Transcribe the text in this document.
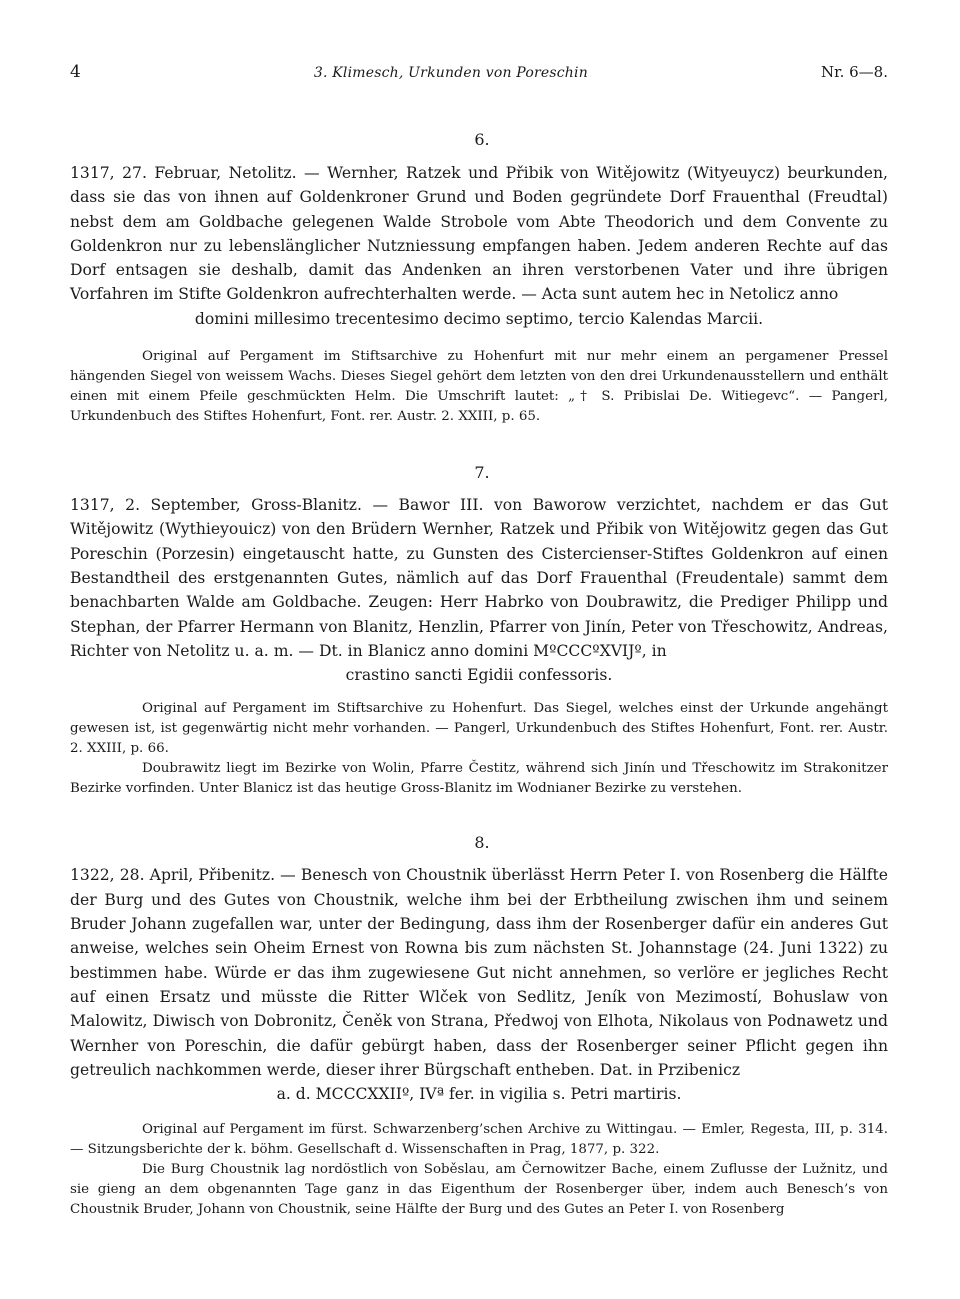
4	3. Klimesch, Urkunden von Poreschin	Nr. 6—8.
6.

1317, 27. Februar, Netolitz. — Wernher, Ratzek und Přibik von Witějowitz (Wityeuycz) beurkunden, dass sie das von ihnen auf Goldenkroner Grund und Boden gegründete Dorf Frauenthal (Freudtal) nebst dem am Goldbache gelegenen Walde Strobole vom Abte Theodorich und dem Convente zu Goldenkron nur zu lebenslänglicher Nutzniessung empfangen haben. Jedem anderen Rechte auf das Dorf entsagen sie deshalb, damit das Andenken an ihren verstorbenen Vater und ihre übrigen Vorfahren im Stifte Goldenkron aufrechterhalten werde. — Acta sunt autem hec in Netolicz anno
domini millesimo trecentesimo decimo septimo, tercio Kalendas Marcii.

Original auf Pergament im Stiftsarchive zu Hohenfurt mit nur mehr einem an pergamener Pressel hängenden Siegel von weissem Wachs. Dieses Siegel gehört dem letzten von den drei Urkundenausstellern und enthält einen mit einem Pfeile geschmückten Helm. Die Umschrift lautet: „† S. Pribislai De. Witiegevc“. — Pangerl, Urkundenbuch des Stiftes Hohenfurt, Font. rer. Austr. 2. XXIII, p. 65.

7.

1317, 2. September, Gross-Blanitz. — Bawor III. von Baworow verzichtet, nachdem er das Gut Witějowitz (Wythieyouicz) von den Brüdern Wernher, Ratzek und Přibik von Witějowitz gegen das Gut Poreschin (Porzesin) eingetauscht hatte, zu Gunsten des Cistercienser-Stiftes Goldenkron auf einen Bestandtheil des erstgenannten Gutes, nämlich auf das Dorf Frauenthal (Freudentale) sammt dem benachbarten Walde am Goldbache. Zeugen: Herr Habrko von Doubrawitz, die Prediger Philipp und Stephan, der Pfarrer Hermann von Blanitz, Henzlin, Pfarrer von Jinín, Peter von Třeschowitz, Andreas, Richter von Netolitz u. a. m. — Dt. in Blanicz anno domini MºCCCºXVIJº, in
crastino sancti Egidii confessoris.

Original auf Pergament im Stiftsarchive zu Hohenfurt. Das Siegel, welches einst der Urkunde angehängt gewesen ist, ist gegenwärtig nicht mehr vorhanden. — Pangerl, Urkundenbuch des Stiftes Hohenfurt, Font. rer. Austr. 2. XXIII, p. 66.

Doubrawitz liegt im Bezirke von Wolin, Pfarre Čestitz, während sich Jinín und Třeschowitz im Strakonitzer Bezirke vorfinden. Unter Blanicz ist das heutige Gross-Blanitz im Wodnianer Bezirke zu verstehen.

8.

1322, 28. April, Přibenitz. — Benesch von Choustnik überlässt Herrn Peter I. von Rosenberg die Hälfte der Burg und des Gutes von Choustnik, welche ihm bei der Erbtheilung zwischen ihm und seinem Bruder Johann zugefallen war, unter der Bedingung, dass ihm der Rosenberger dafür ein anderes Gut anweise, welches sein Oheim Ernest von Rowna bis zum nächsten St. Johannstage (24. Juni 1322) zu bestimmen habe. Würde er das ihm zugewiesene Gut nicht annehmen, so verlöre er jegliches Recht auf einen Ersatz und müsste die Ritter Wlček von Sedlitz, Jeník von Mezimostí, Bohuslaw von Malowitz, Diwisch von Dobronitz, Čeněk von Strana, Předwoj von Elhota, Nikolaus von Podnawetz und Wernher von Poreschin, die dafür gebürgt haben, dass der Rosenberger seiner Pflicht gegen ihn getreulich nachkommen werde, dieser ihrer Bürgschaft entheben. Dat. in Przibenicz
a. d. MCCCXXIIº, IVª fer. in vigilia s. Petri martiris.

Original auf Pergament im fürst. Schwarzenberg’schen Archive zu Wittingau. — Emler, Regesta, III, p. 314. — Sitzungsberichte der k. böhm. Gesellschaft d. Wissenschaften in Prag, 1877, p. 322.

Die Burg Choustnik lag nordöstlich von Soběslau, am Černowitzer Bache, einem Zuflusse der Lužnitz, und sie gieng an dem obgenannten Tage ganz in das Eigenthum der Rosenberger über, indem auch Benesch’s von Choustnik Bruder, Johann von Choustnik, seine Hälfte der Burg und des Gutes an Peter I. von Rosenberg
